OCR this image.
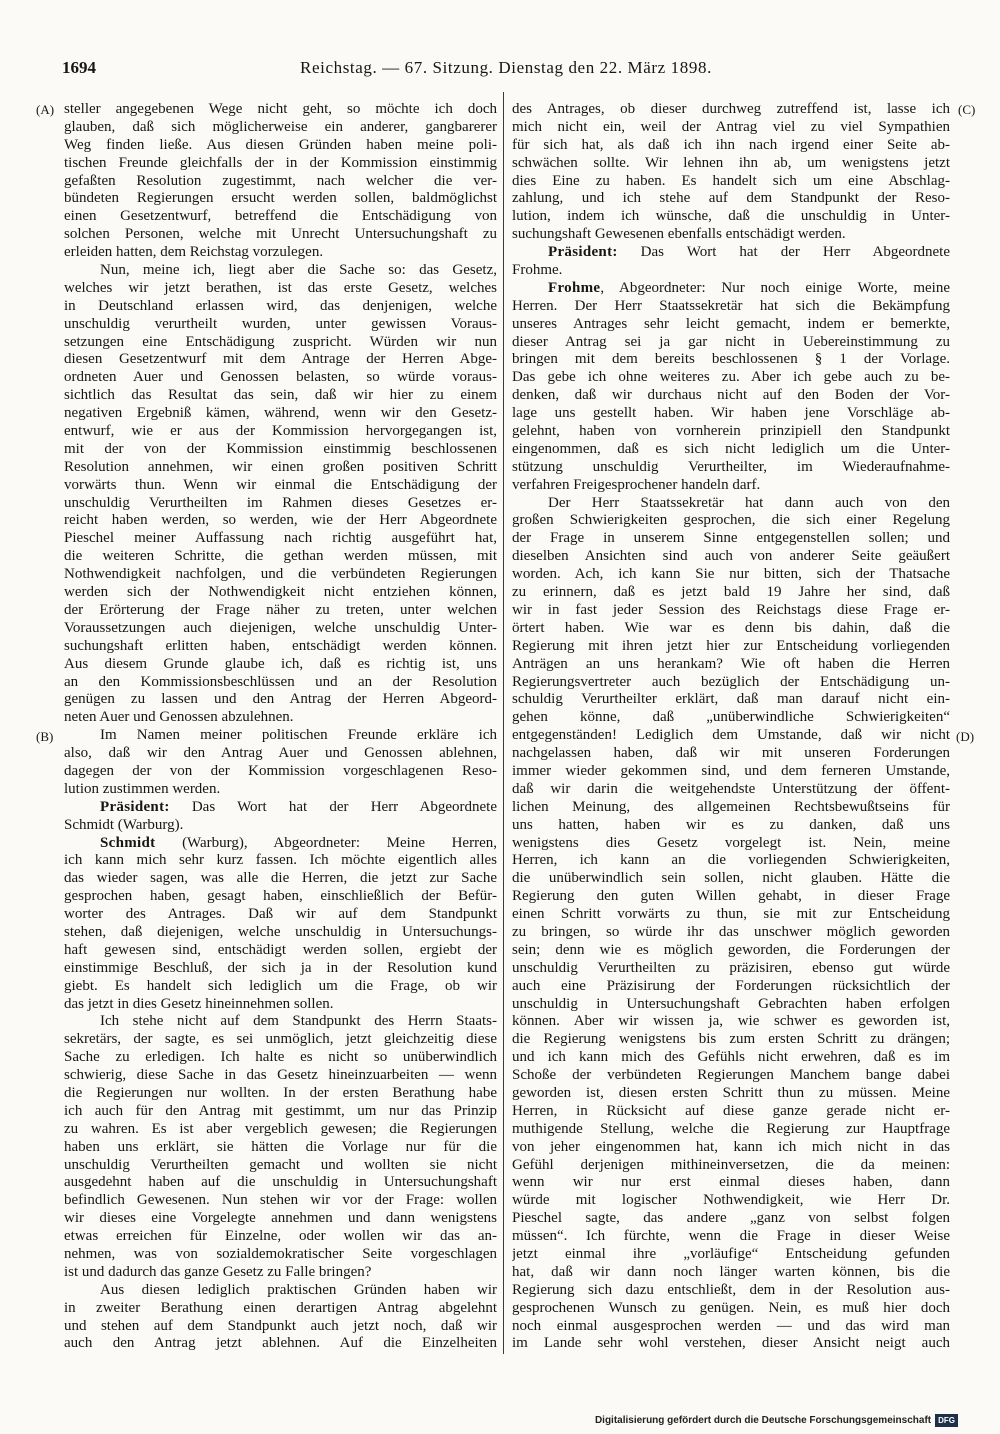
1694	Reichstag. — 67. Sitzung. Dienstag den 22. März 1898.
(A)
(B)
(C)
(D)
steller angegebenen Wege nicht geht, so möchte ich doch
glauben, daß sich möglicherweise ein anderer, gangbarerer
Weg finden ließe. Aus diesen Gründen haben meine poli-
tischen Freunde gleichfalls der in der Kommission einstimmig
gefaßten Resolution zugestimmt, nach welcher die ver-
bündeten Regierungen ersucht werden sollen, baldmöglichst
einen Gesetzentwurf, betreffend die Entschädigung von
solchen Personen, welche mit Unrecht Untersuchungshaft zu
erleiden hatten, dem Reichstag vorzulegen.
Nun, meine ich, liegt aber die Sache so: das Gesetz,
welches wir jetzt berathen, ist das erste Gesetz, welches
in Deutschland erlassen wird, das denjenigen, welche
unschuldig verurtheilt wurden, unter gewissen Voraus-
setzungen eine Entschädigung zuspricht. Würden wir nun
diesen Gesetzentwurf mit dem Antrage der Herren Abge-
ordneten Auer und Genossen belasten, so würde voraus-
sichtlich das Resultat das sein, daß wir hier zu einem
negativen Ergebniß kämen, während, wenn wir den Gesetz-
entwurf, wie er aus der Kommission hervorgegangen ist,
mit der von der Kommission einstimmig beschlossenen
Resolution annehmen, wir einen großen positiven Schritt
vorwärts thun. Wenn wir einmal die Entschädigung der
unschuldig Verurtheilten im Rahmen dieses Gesetzes er-
reicht haben werden, so werden, wie der Herr Abgeordnete
Pieschel meiner Auffassung nach richtig ausgeführt hat,
die weiteren Schritte, die gethan werden müssen, mit
Nothwendigkeit nachfolgen, und die verbündeten Regierungen
werden sich der Nothwendigkeit nicht entziehen können,
der Erörterung der Frage näher zu treten, unter welchen
Voraussetzungen auch diejenigen, welche unschuldig Unter-
suchungshaft erlitten haben, entschädigt werden können.
Aus diesem Grunde glaube ich, daß es richtig ist, uns
an den Kommissionsbeschlüssen und an der Resolution
genügen zu lassen und den Antrag der Herren Abgeord-
neten Auer und Genossen abzulehnen.
Im Namen meiner politischen Freunde erkläre ich
also, daß wir den Antrag Auer und Genossen ablehnen,
dagegen der von der Kommission vorgeschlagenen Reso-
lution zustimmen werden.
Präsident: Das Wort hat der Herr Abgeordnete
Schmidt (Warburg).
Schmidt (Warburg), Abgeordneter: Meine Herren,
ich kann mich sehr kurz fassen. Ich möchte eigentlich alles
das wieder sagen, was alle die Herren, die jetzt zur Sache
gesprochen haben, gesagt haben, einschließlich der Befür-
worter des Antrages. Daß wir auf dem Standpunkt
stehen, daß diejenigen, welche unschuldig in Untersuchungs-
haft gewesen sind, entschädigt werden sollen, ergiebt der
einstimmige Beschluß, der sich ja in der Resolution kund
giebt. Es handelt sich lediglich um die Frage, ob wir
das jetzt in dies Gesetz hineinnehmen sollen.
Ich stehe nicht auf dem Standpunkt des Herrn Staats-
sekretärs, der sagte, es sei unmöglich, jetzt gleichzeitig diese
Sache zu erledigen. Ich halte es nicht so unüberwindlich
schwierig, diese Sache in das Gesetz hineinzuarbeiten — wenn
die Regierungen nur wollten. In der ersten Berathung habe
ich auch für den Antrag mit gestimmt, um nur das Prinzip
zu wahren. Es ist aber vergeblich gewesen; die Regierungen
haben uns erklärt, sie hätten die Vorlage nur für die
unschuldig Verurtheilten gemacht und wollten sie nicht
ausgedehnt haben auf die unschuldig in Untersuchungshaft
befindlich Gewesenen. Nun stehen wir vor der Frage: wollen
wir dieses eine Vorgelegte annehmen und dann wenigstens
etwas erreichen für Einzelne, oder wollen wir das an-
nehmen, was von sozialdemokratischer Seite vorgeschlagen
ist und dadurch das ganze Gesetz zu Falle bringen?
Aus diesen lediglich praktischen Gründen haben wir
in zweiter Berathung einen derartigen Antrag abgelehnt
und stehen auf dem Standpunkt auch jetzt noch, daß wir
auch den Antrag jetzt ablehnen. Auf die Einzelheiten
des Antrages, ob dieser durchweg zutreffend ist, lasse ich
mich nicht ein, weil der Antrag viel zu viel Sympathien
für sich hat, als daß ich ihn nach irgend einer Seite ab-
schwächen sollte. Wir lehnen ihn ab, um wenigstens jetzt
dies Eine zu haben. Es handelt sich um eine Abschlag-
zahlung, und ich stehe auf dem Standpunkt der Reso-
lution, indem ich wünsche, daß die unschuldig in Unter-
suchungshaft Gewesenen ebenfalls entschädigt werden.
Präsident: Das Wort hat der Herr Abgeordnete
Frohme.
Frohme, Abgeordneter: Nur noch einige Worte, meine
Herren. Der Herr Staatssekretär hat sich die Bekämpfung
unseres Antrages sehr leicht gemacht, indem er bemerkte,
dieser Antrag sei ja gar nicht in Uebereinstimmung zu
bringen mit dem bereits beschlossenen § 1 der Vorlage.
Das gebe ich ohne weiteres zu. Aber ich gebe auch zu be-
denken, daß wir durchaus nicht auf den Boden der Vor-
lage uns gestellt haben. Wir haben jene Vorschläge ab-
gelehnt, haben von vornherein prinzipiell den Standpunkt
eingenommen, daß es sich nicht lediglich um die Unter-
stützung unschuldig Verurtheilter, im Wiederaufnahme-
verfahren Freigesprochener handeln darf.
Der Herr Staatssekretär hat dann auch von den
großen Schwierigkeiten gesprochen, die sich einer Regelung
der Frage in unserem Sinne entgegenstellen sollen; und
dieselben Ansichten sind auch von anderer Seite geäußert
worden. Ach, ich kann Sie nur bitten, sich der Thatsache
zu erinnern, daß es jetzt bald 19 Jahre her sind, daß
wir in fast jeder Session des Reichstags diese Frage er-
örtert haben. Wie war es denn bis dahin, daß die
Regierung mit ihren jetzt hier zur Entscheidung vorliegenden
Anträgen an uns herankam? Wie oft haben die Herren
Regierungsvertreter auch bezüglich der Entschädigung un-
schuldig Verurtheilter erklärt, daß man darauf nicht ein-
gehen könne, daß „unüberwindliche Schwierigkeiten“
entgegenständen! Lediglich dem Umstande, daß wir nicht
nachgelassen haben, daß wir mit unseren Forderungen
immer wieder gekommen sind, und dem ferneren Umstande,
daß wir darin die weitgehendste Unterstützung der öffent-
lichen Meinung, des allgemeinen Rechtsbewußtseins für
uns hatten, haben wir es zu danken, daß uns
wenigstens dies Gesetz vorgelegt ist. Nein, meine
Herren, ich kann an die vorliegenden Schwierigkeiten,
die unüberwindlich sein sollen, nicht glauben. Hätte die
Regierung den guten Willen gehabt, in dieser Frage
einen Schritt vorwärts zu thun, sie mit zur Entscheidung
zu bringen, so würde ihr das unschwer möglich geworden
sein; denn wie es möglich geworden, die Forderungen der
unschuldig Verurtheilten zu präzisiren, ebenso gut würde
auch eine Präzisirung der Forderungen rücksichtlich der
unschuldig in Untersuchungshaft Gebrachten haben erfolgen
können. Aber wir wissen ja, wie schwer es geworden ist,
die Regierung wenigstens bis zum ersten Schritt zu drängen;
und ich kann mich des Gefühls nicht erwehren, daß es im
Schoße der verbündeten Regierungen Manchem bange dabei
geworden ist, diesen ersten Schritt thun zu müssen. Meine
Herren, in Rücksicht auf diese ganze gerade nicht er-
muthigende Stellung, welche die Regierung zur Hauptfrage
von jeher eingenommen hat, kann ich mich nicht in das
Gefühl derjenigen mithineinversetzen, die da meinen:
wenn wir nur erst einmal dieses haben, dann
würde mit logischer Nothwendigkeit, wie Herr Dr.
Pieschel sagte, das andere „ganz von selbst folgen
müssen“. Ich fürchte, wenn die Frage in dieser Weise
jetzt einmal ihre „vorläufige“ Entscheidung gefunden
hat, daß wir dann noch länger warten können, bis die
Regierung sich dazu entschließt, dem in der Resolution aus-
gesprochenen Wunsch zu genügen. Nein, es muß hier doch
noch einmal ausgesprochen werden — und das wird man
im Lande sehr wohl verstehen, dieser Ansicht neigt auch
Digitalisierung gefördert durch die Deutsche Forschungsgemeinschaft DFG
